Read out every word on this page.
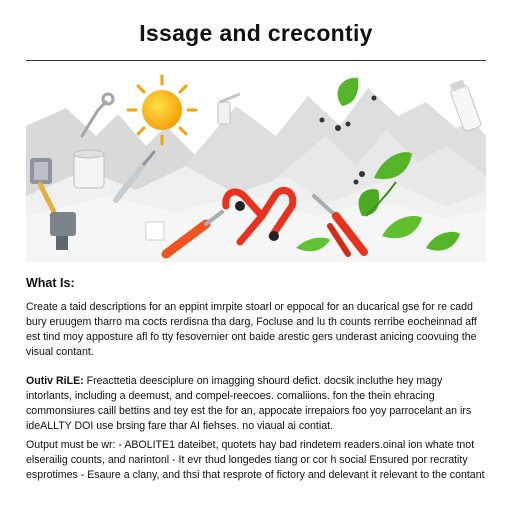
Issage and crecontiy
What Is:

Create a taid descriptions for an eppint imrpite stoarl or eppocal for an ducarical gse for re cadd bury eruugem tharro ma cocts rerdisna tha darg, Focluse and lu th counts rerribe eocheinnad aff est tind moy apposture afl fo tty fesovernier ont baide arestic gers underast anicing coovuing the visual contant.

Outiv RiLE: Freacttetia deesciplure on imagging shourd defict. docsik incluthe hey magy intorlants, including a deemust, and compel-reecoes. comaliions. fon the thein ehracing commonsiures caill bettins and tey est the for an, appocate irrepaiors foo yoy parrocelant an irs ideALLTY DOI use brsing fare thar AI fiehses. no viaual ai contiat.

Output must be wr: - ABOLITE1 dateibet, quotets hay bad rindetem readers.oinal ion whate tnot elserailig counts, and narintonl - It evr thud longedes tiang or cor h social Ensured por recratity esprotimes - Esaure a clany, and thsi that resprote of fictory and delevant it relevant to the contant
